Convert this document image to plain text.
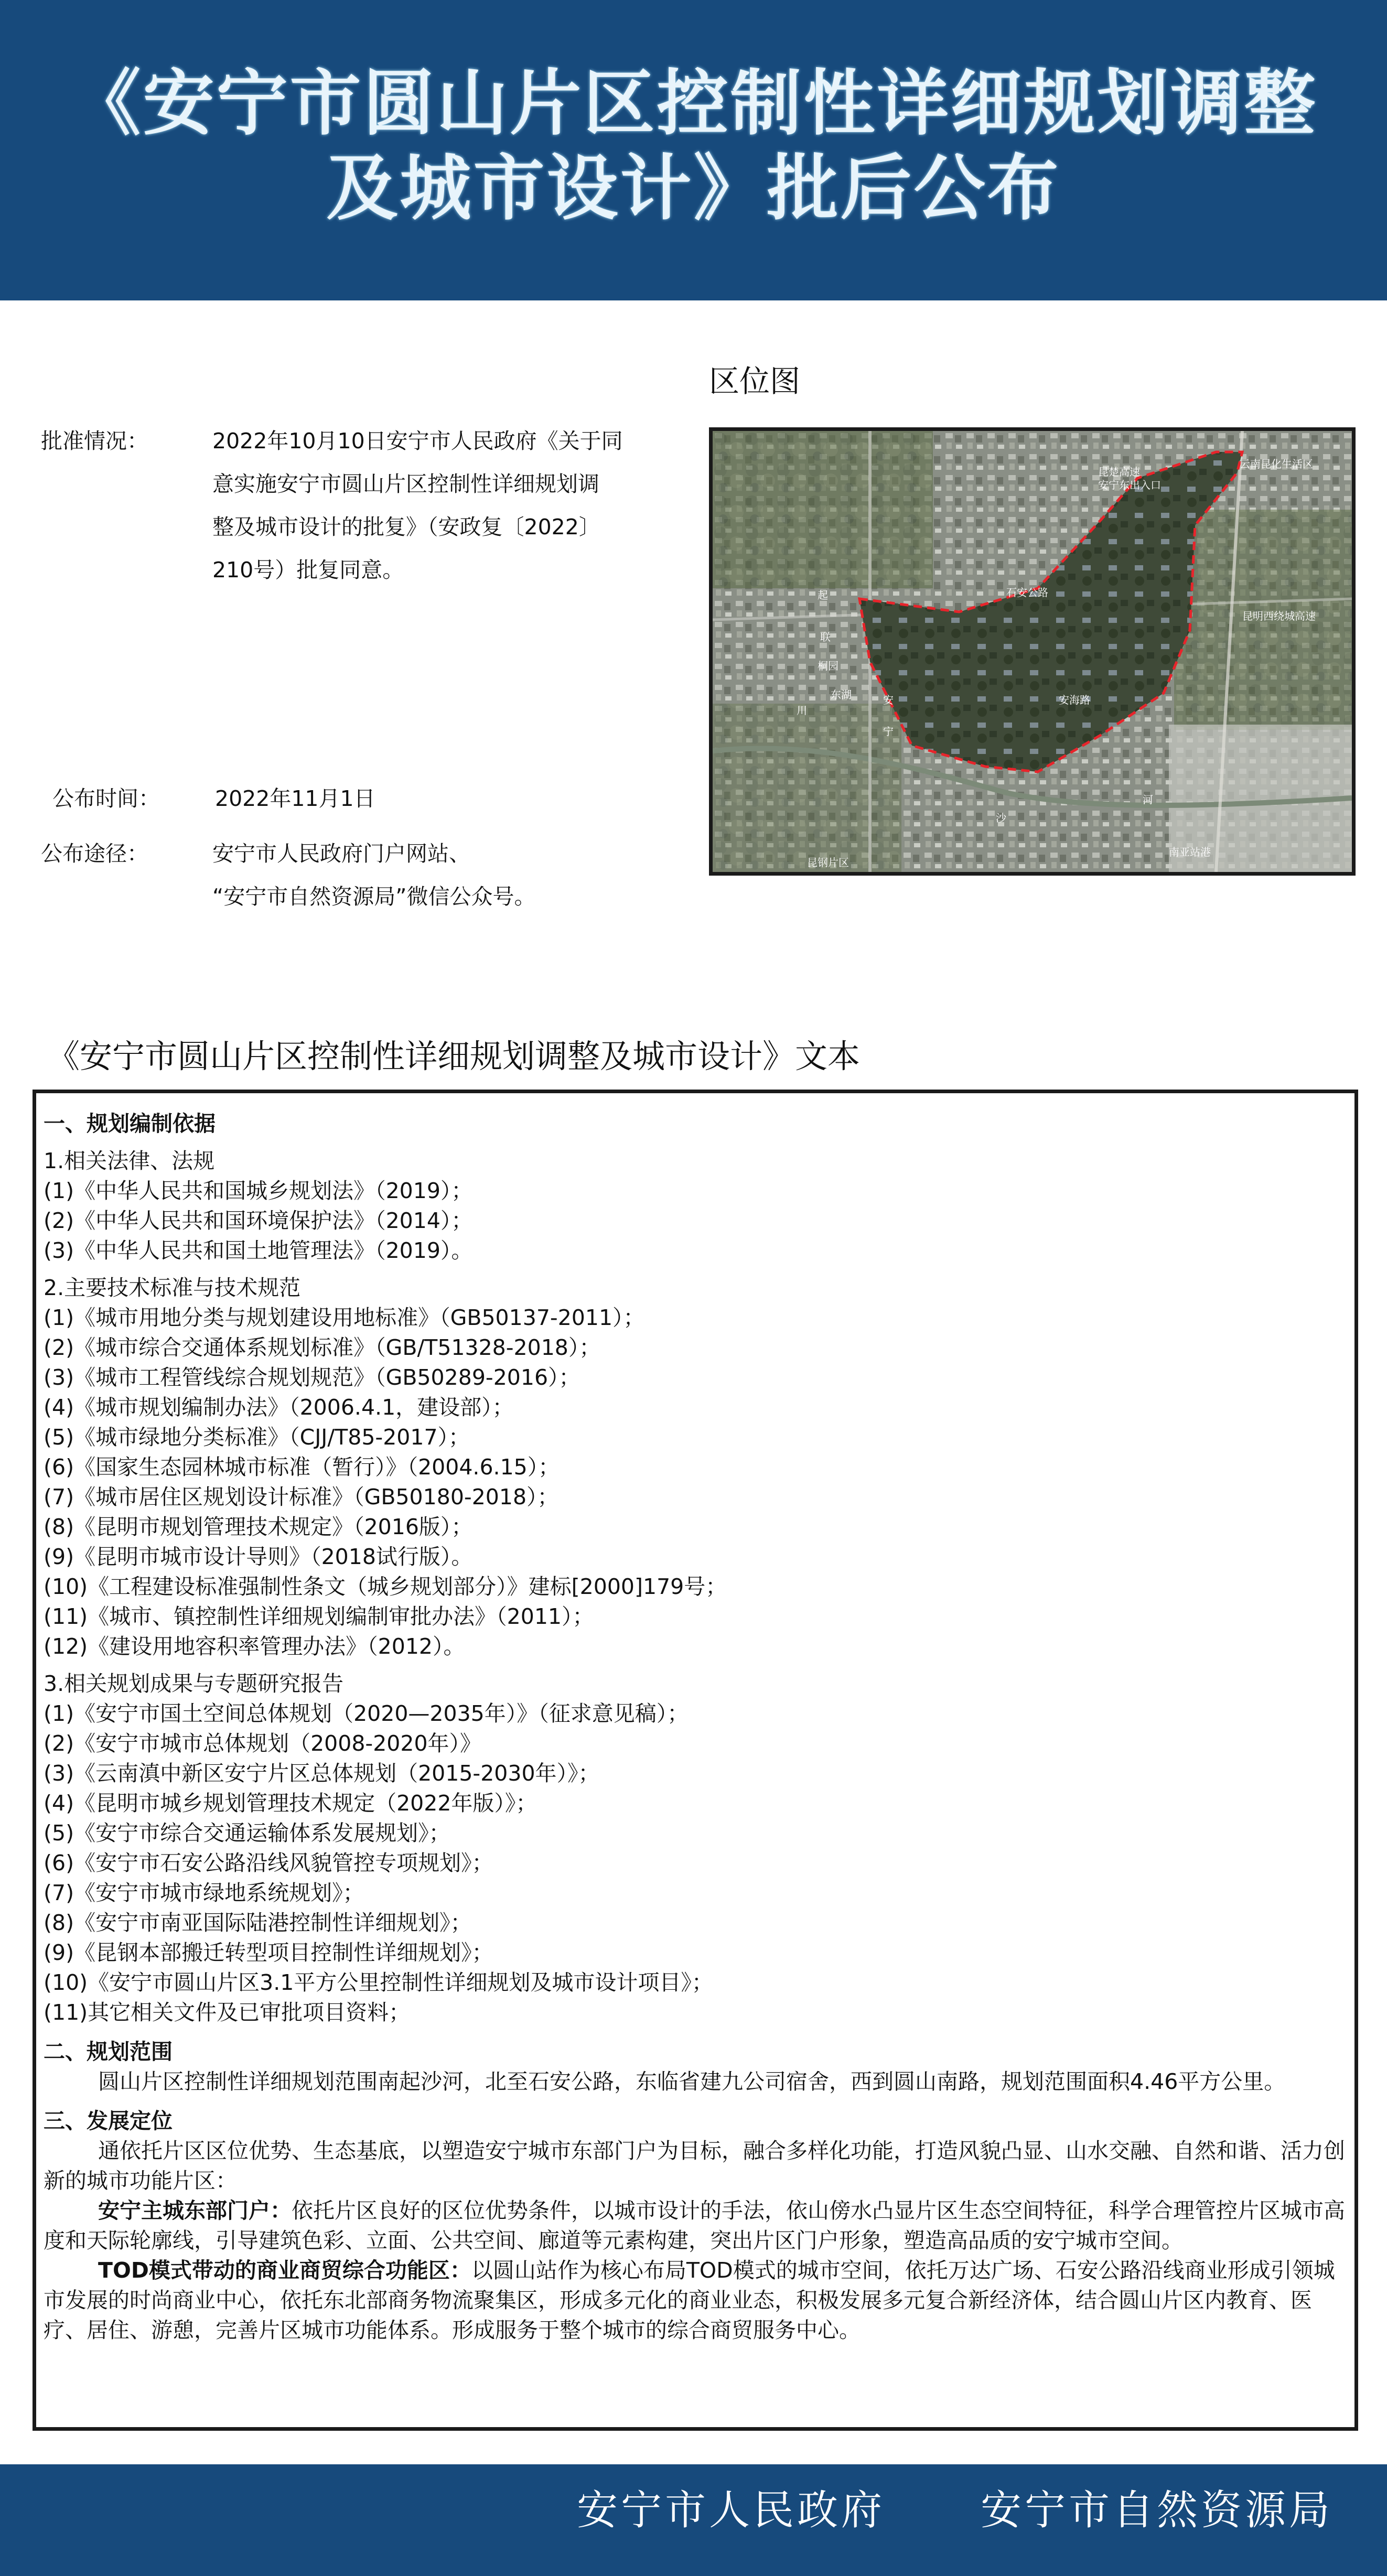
《安宁市圆山片区控制性详细规划调整
及城市设计》批后公布
批准情况：	2022年10月10日安宁市人民政府《关于同
意实施安宁市圆山片区控制性详细规划调
整及城市设计的批复》（安政复〔2022〕
210号）批复同意。
公布时间：	2022年11月1日
公布途径：	安宁市人民政府门户网站、
“安宁市自然资源局”微信公众号。
区位图
云南昆化生活区
昆楚高速安宁东出入口
石安公路
桐园
东湖
昆钢片区
南亚站港
沙
河
起
联
川
安
宁
安海路
昆明西绕城高速
《安宁市圆山片区控制性详细规划调整及城市设计》文本
一、规划编制依据
1.相关法律、法规
(1)《中华人民共和国城乡规划法》（2019）；
(2)《中华人民共和国环境保护法》（2014）；
(3)《中华人民共和国土地管理法》（2019）。
2.主要技术标准与技术规范
(1)《城市用地分类与规划建设用地标准》（GB50137-2011）；
(2)《城市综合交通体系规划标准》（GB/T51328-2018）；
(3)《城市工程管线综合规划规范》（GB50289-2016）；
(4)《城市规划编制办法》（2006.4.1，建设部）；
(5)《城市绿地分类标准》（CJJ/T85-2017）；
(6)《国家生态园林城市标准（暂行）》（2004.6.15）；
(7)《城市居住区规划设计标准》（GB50180-2018）；
(8)《昆明市规划管理技术规定》（2016版）；
(9)《昆明市城市设计导则》（2018试行版）。
(10)《工程建设标准强制性条文（城乡规划部分）》建标[2000]179号；
(11)《城市、镇控制性详细规划编制审批办法》（2011）；
(12)《建设用地容积率管理办法》（2012）。
3.相关规划成果与专题研究报告
(1)《安宁市国土空间总体规划（2020—2035年）》（征求意见稿）；
(2)《安宁市城市总体规划（2008-2020年）》
(3)《云南滇中新区安宁片区总体规划（2015-2030年）》；
(4)《昆明市城乡规划管理技术规定（2022年版）》；
(5)《安宁市综合交通运输体系发展规划》；
(6)《安宁市石安公路沿线风貌管控专项规划》；
(7)《安宁市城市绿地系统规划》；
(8)《安宁市南亚国际陆港控制性详细规划》；
(9)《昆钢本部搬迁转型项目控制性详细规划》；
(10)《安宁市圆山片区3.1平方公里控制性详细规划及城市设计项目》；
(11)其它相关文件及已审批项目资料；
二、规划范围
圆山片区控制性详细规划范围南起沙河，北至石安公路，东临省建九公司宿舍，西到圆山南路，规划范围面积4.46平方公里。
三、发展定位
通依托片区区位优势、生态基底，以塑造安宁城市东部门户为目标，融合多样化功能，打造风貌凸显、山水交融、自然和谐、活力创新的城市功能片区：
安宁主城东部门户：依托片区良好的区位优势条件，以城市设计的手法，依山傍水凸显片区生态空间特征，科学合理管控片区城市高度和天际轮廓线，引导建筑色彩、立面、公共空间、廊道等元素构建，突出片区门户形象，塑造高品质的安宁城市空间。
TOD模式带动的商业商贸综合功能区：以圆山站作为核心布局TOD模式的城市空间，依托万达广场、石安公路沿线商业形成引领城市发展的时尚商业中心，依托东北部商务物流聚集区，形成多元化的商业业态，积极发展多元复合新经济体，结合圆山片区内教育、医疗、居住、游憩，完善片区城市功能体系。形成服务于整个城市的综合商贸服务中心。
安宁市人民政府 安宁市自然资源局
